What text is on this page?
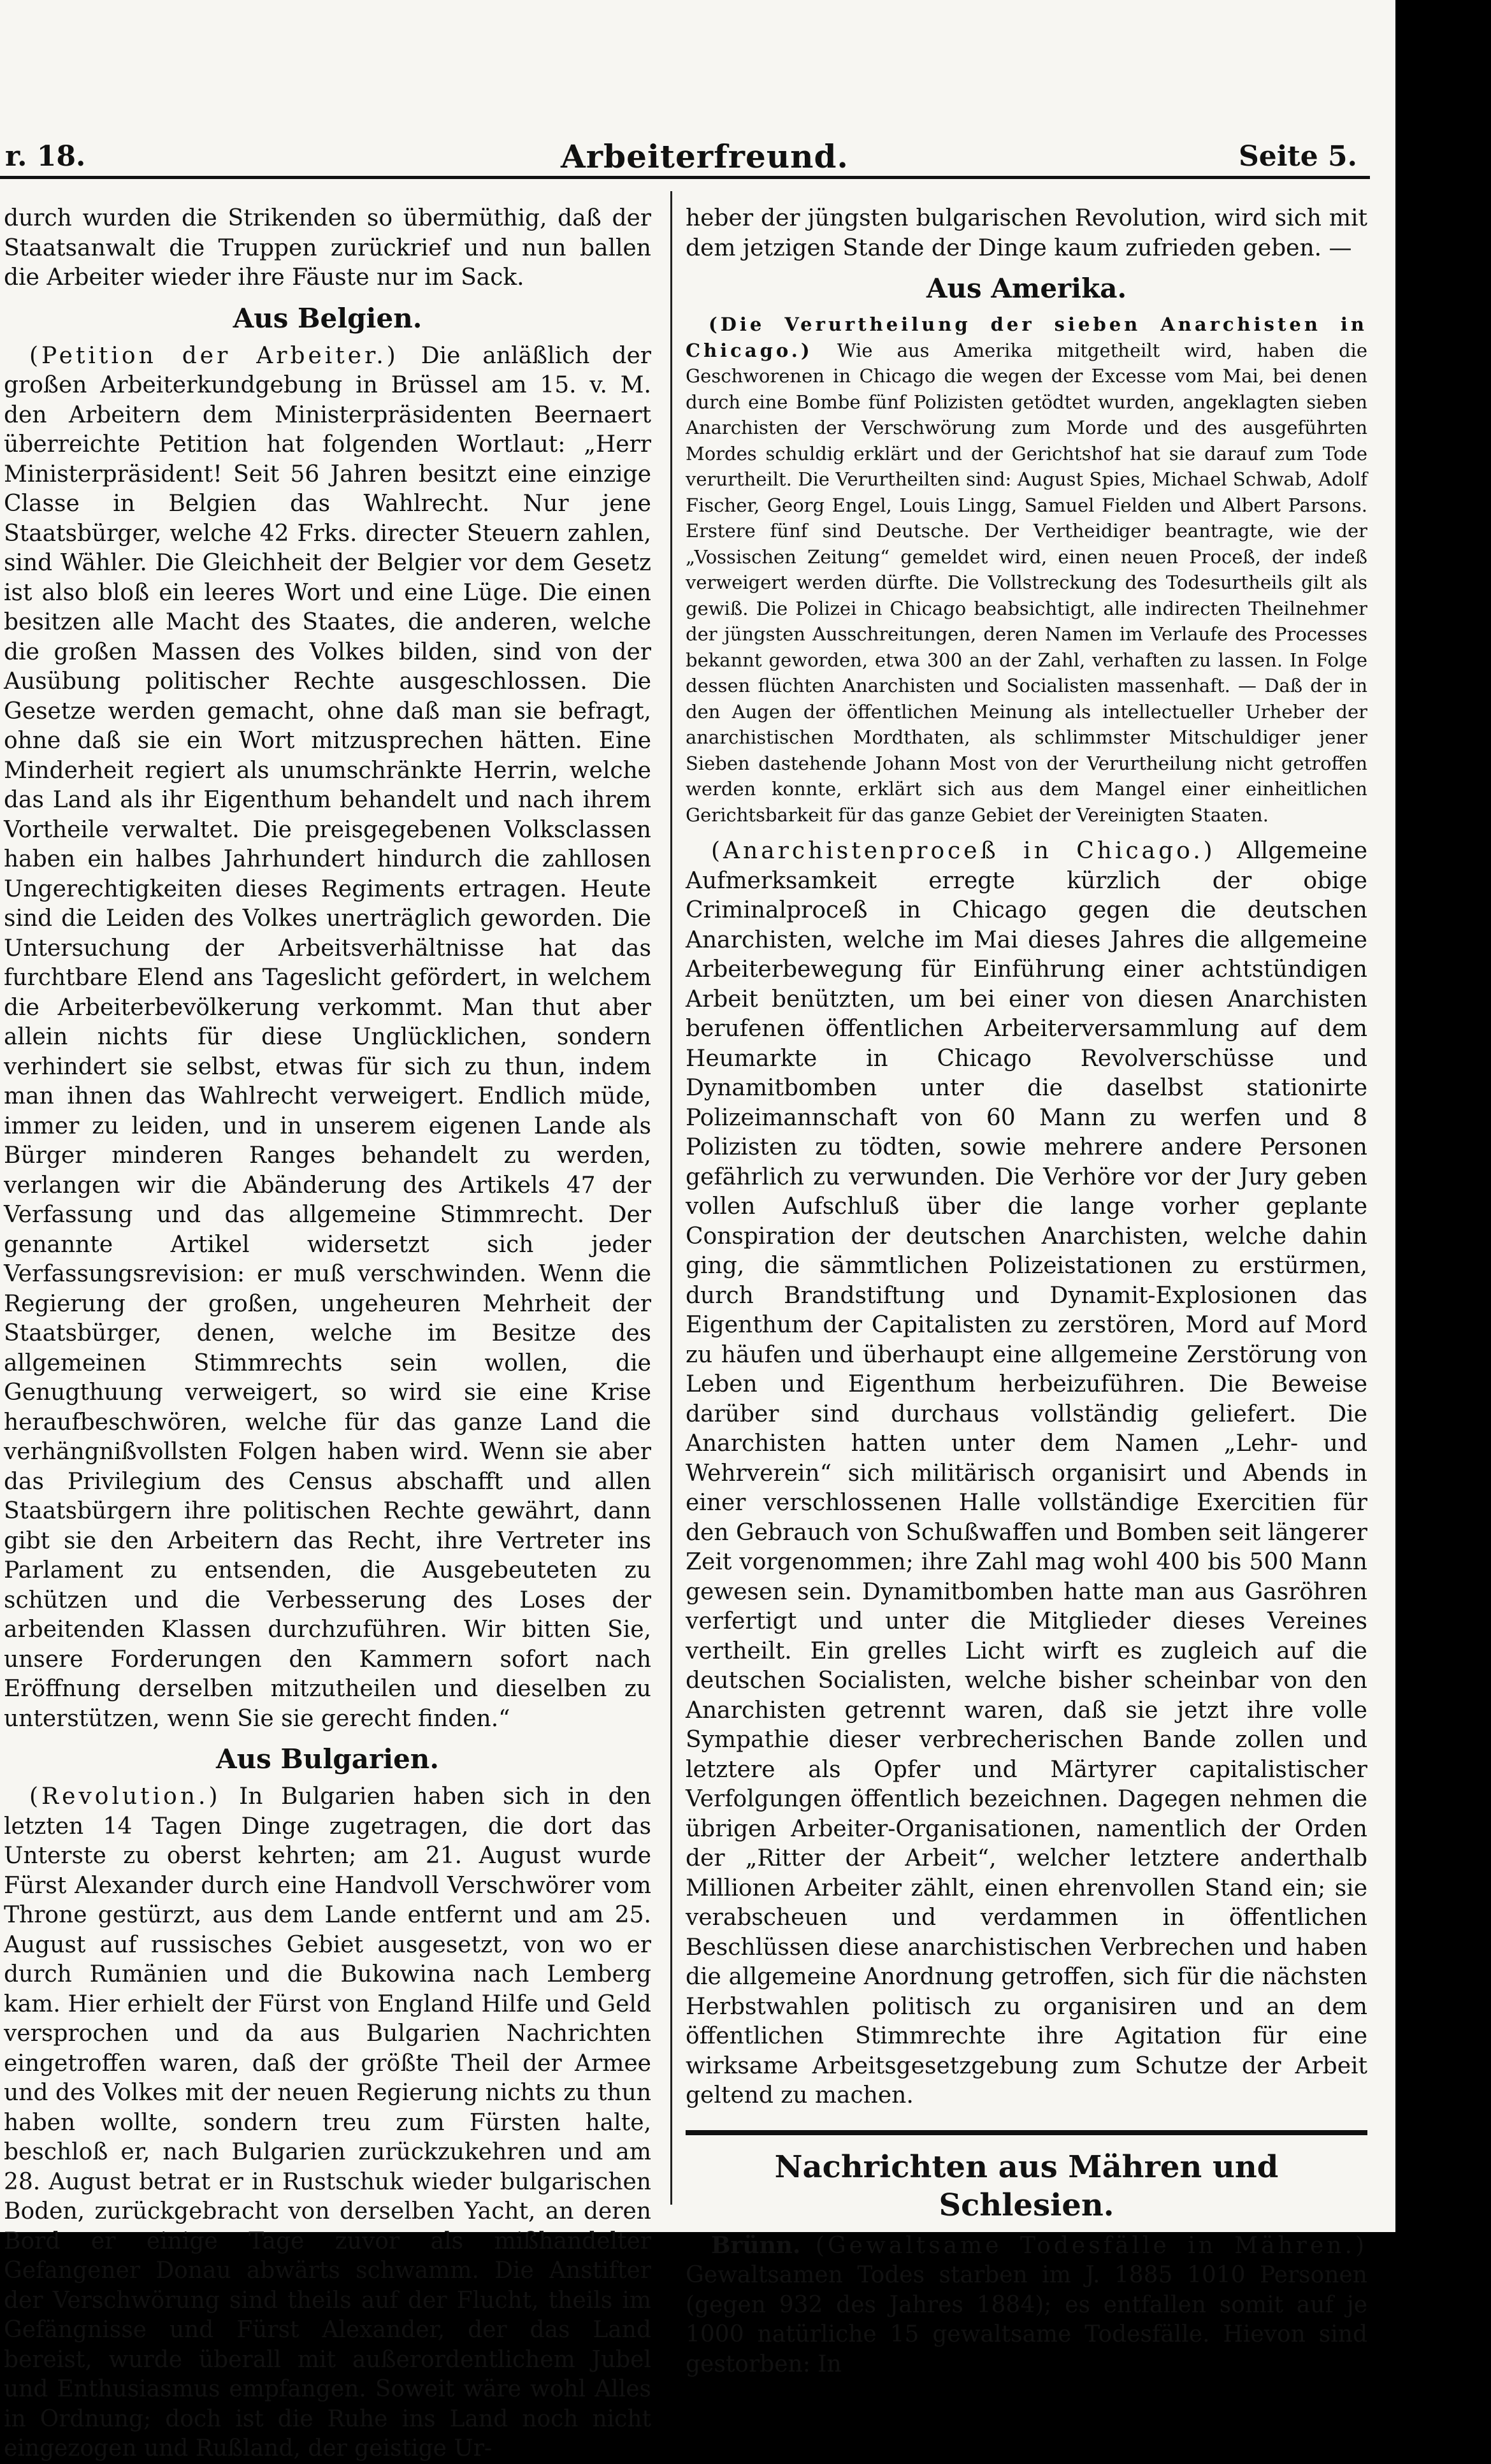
r. 18.	Arbeiterfreund.	Seite 5.

durch wurden die Strikenden so übermüthig, daß der Staatsanwalt die Truppen zurückrief und nun ballen die Arbeiter wieder ihre Fäuste nur im Sack.

Aus Belgien.

(Petition der Arbeiter.) Die anläßlich der großen Arbeiterkundgebung in Brüssel am 15. v. M. den Arbeitern dem Ministerpräsidenten Beernaert überreichte Petition hat folgenden Wortlaut: „Herr Ministerpräsident! Seit 56 Jahren besitzt eine einzige Classe in Belgien das Wahlrecht. Nur jene Staatsbürger, welche 42 Frks. directer Steuern zahlen, sind Wähler. Die Gleichheit der Belgier vor dem Gesetz ist also bloß ein leeres Wort und eine Lüge. Die einen besitzen alle Macht des Staates, die anderen, welche die großen Massen des Volkes bilden, sind von der Ausübung politischer Rechte ausgeschlossen. Die Gesetze werden gemacht, ohne daß man sie befragt, ohne daß sie ein Wort mitzusprechen hätten. Eine Minderheit regiert als unumschränkte Herrin, welche das Land als ihr Eigenthum behandelt und nach ihrem Vortheile verwaltet. Die preisgegebenen Volksclassen haben ein halbes Jahrhundert hindurch die zahllosen Ungerechtigkeiten dieses Regiments ertragen. Heute sind die Leiden des Volkes unerträglich geworden. Die Untersuchung der Arbeitsverhältnisse hat das furchtbare Elend ans Tageslicht gefördert, in welchem die Arbeiterbevölkerung verkommt. Man thut aber allein nichts für diese Unglücklichen, sondern verhindert sie selbst, etwas für sich zu thun, indem man ihnen das Wahlrecht verweigert. Endlich müde, immer zu leiden, und in unserem eigenen Lande als Bürger minderen Ranges behandelt zu werden, verlangen wir die Abänderung des Artikels 47 der Verfassung und das allgemeine Stimmrecht. Der genannte Artikel widersetzt sich jeder Verfassungsrevision: er muß verschwinden. Wenn die Regierung der großen, ungeheuren Mehrheit der Staatsbürger, denen, welche im Besitze des allgemeinen Stimmrechts sein wollen, die Genugthuung verweigert, so wird sie eine Krise heraufbeschwören, welche für das ganze Land die verhängnißvollsten Folgen haben wird. Wenn sie aber das Privilegium des Census abschafft und allen Staatsbürgern ihre politischen Rechte gewährt, dann gibt sie den Arbeitern das Recht, ihre Vertreter ins Parlament zu entsenden, die Ausgebeuteten zu schützen und die Verbesserung des Loses der arbeitenden Klassen durchzuführen. Wir bitten Sie, unsere Forderungen den Kammern sofort nach Eröffnung derselben mitzutheilen und dieselben zu unterstützen, wenn Sie sie gerecht finden.“

Aus Bulgarien.

(Revolution.) In Bulgarien haben sich in den letzten 14 Tagen Dinge zugetragen, die dort das Unterste zu oberst kehrten; am 21. August wurde Fürst Alexander durch eine Handvoll Verschwörer vom Throne gestürzt, aus dem Lande entfernt und am 25. August auf russisches Gebiet ausgesetzt, von wo er durch Rumänien und die Bukowina nach Lemberg kam. Hier erhielt der Fürst von England Hilfe und Geld versprochen und da aus Bulgarien Nachrichten eingetroffen waren, daß der größte Theil der Armee und des Volkes mit der neuen Regierung nichts zu thun haben wollte, sondern treu zum Fürsten halte, beschloß er, nach Bulgarien zurückzukehren und am 28. August betrat er in Rustschuk wieder bulgarischen Boden, zurückgebracht von derselben Yacht, an deren Bord er einige Tage zuvor als mißhandelter Gefangener Donau abwärts schwamm. Die Anstifter der Verschwörung sind theils auf der Flucht, theils im Gefängnisse und Fürst Alexander, der das Land bereist, wurde überall mit außerordentlichem Jubel und Enthusiasmus empfangen. Soweit wäre wohl Alles in Ordnung; doch ist die Ruhe ins Land noch nicht eingezogen und Rußland, der geistige Ur-

heber der jüngsten bulgarischen Revolution, wird sich mit dem jetzigen Stande der Dinge kaum zufrieden geben. —

Aus Amerika.

(Die Verurtheilung der sieben Anarchisten in Chicago.) Wie aus Amerika mitgetheilt wird, haben die Geschworenen in Chicago die wegen der Excesse vom Mai, bei denen durch eine Bombe fünf Polizisten getödtet wurden, angeklagten sieben Anarchisten der Verschwörung zum Morde und des ausgeführten Mordes schuldig erklärt und der Gerichtshof hat sie darauf zum Tode verurtheilt. Die Verurtheilten sind: August Spies, Michael Schwab, Adolf Fischer, Georg Engel, Louis Lingg, Samuel Fielden und Albert Parsons. Erstere fünf sind Deutsche. Der Vertheidiger beantragte, wie der „Vossischen Zeitung“ gemeldet wird, einen neuen Proceß, der indeß verweigert werden dürfte. Die Vollstreckung des Todesurtheils gilt als gewiß. Die Polizei in Chicago beabsichtigt, alle indirecten Theilnehmer der jüngsten Ausschreitungen, deren Namen im Verlaufe des Processes bekannt geworden, etwa 300 an der Zahl, verhaften zu lassen. In Folge dessen flüchten Anarchisten und Socialisten massenhaft. — Daß der in den Augen der öffentlichen Meinung als intellectueller Urheber der anarchistischen Mordthaten, als schlimmster Mitschuldiger jener Sieben dastehende Johann Most von der Verurtheilung nicht getroffen werden konnte, erklärt sich aus dem Mangel einer einheitlichen Gerichtsbarkeit für das ganze Gebiet der Vereinigten Staaten.

(Anarchistenproceß in Chicago.) Allgemeine Aufmerksamkeit erregte kürzlich der obige Criminalproceß in Chicago gegen die deutschen Anarchisten, welche im Mai dieses Jahres die allgemeine Arbeiterbewegung für Einführung einer achtstündigen Arbeit benützten, um bei einer von diesen Anarchisten berufenen öffentlichen Arbeiterversammlung auf dem Heumarkte in Chicago Revolverschüsse und Dynamitbomben unter die daselbst stationirte Polizeimannschaft von 60 Mann zu werfen und 8 Polizisten zu tödten, sowie mehrere andere Personen gefährlich zu verwunden. Die Verhöre vor der Jury geben vollen Aufschluß über die lange vorher geplante Conspiration der deutschen Anarchisten, welche dahin ging, die sämmtlichen Polizeistationen zu erstürmen, durch Brandstiftung und Dynamit-Explosionen das Eigenthum der Capitalisten zu zerstören, Mord auf Mord zu häufen und überhaupt eine allgemeine Zerstörung von Leben und Eigenthum herbeizuführen. Die Beweise darüber sind durchaus vollständig geliefert. Die Anarchisten hatten unter dem Namen „Lehr- und Wehrverein“ sich militärisch organisirt und Abends in einer verschlossenen Halle vollständige Exercitien für den Gebrauch von Schußwaffen und Bomben seit längerer Zeit vorgenommen; ihre Zahl mag wohl 400 bis 500 Mann gewesen sein. Dynamitbomben hatte man aus Gasröhren verfertigt und unter die Mitglieder dieses Vereines vertheilt. Ein grelles Licht wirft es zugleich auf die deutschen Socialisten, welche bisher scheinbar von den Anarchisten getrennt waren, daß sie jetzt ihre volle Sympathie dieser verbrecherischen Bande zollen und letztere als Opfer und Märtyrer capitalistischer Verfolgungen öffentlich bezeichnen. Dagegen nehmen die übrigen Arbeiter-Organisationen, namentlich der Orden der „Ritter der Arbeit“, welcher letztere anderthalb Millionen Arbeiter zählt, einen ehrenvollen Stand ein; sie verabscheuen und verdammen in öffentlichen Beschlüssen diese anarchistischen Verbrechen und haben die allgemeine Anordnung getroffen, sich für die nächsten Herbstwahlen politisch zu organisiren und an dem öffentlichen Stimmrechte ihre Agitation für eine wirksame Arbeitsgesetzgebung zum Schutze der Arbeit geltend zu machen.

Nachrichten aus Mähren und Schlesien.

Brünn. (Gewaltsame Todesfälle in Mähren.) Gewaltsamen Todes starben im J. 1885 1010 Personen (gegen 932 des Jahres 1884); es entfallen somit auf je 1000 natürliche 15 gewaltsame Todesfälle. Hievon sind gestorben: In
